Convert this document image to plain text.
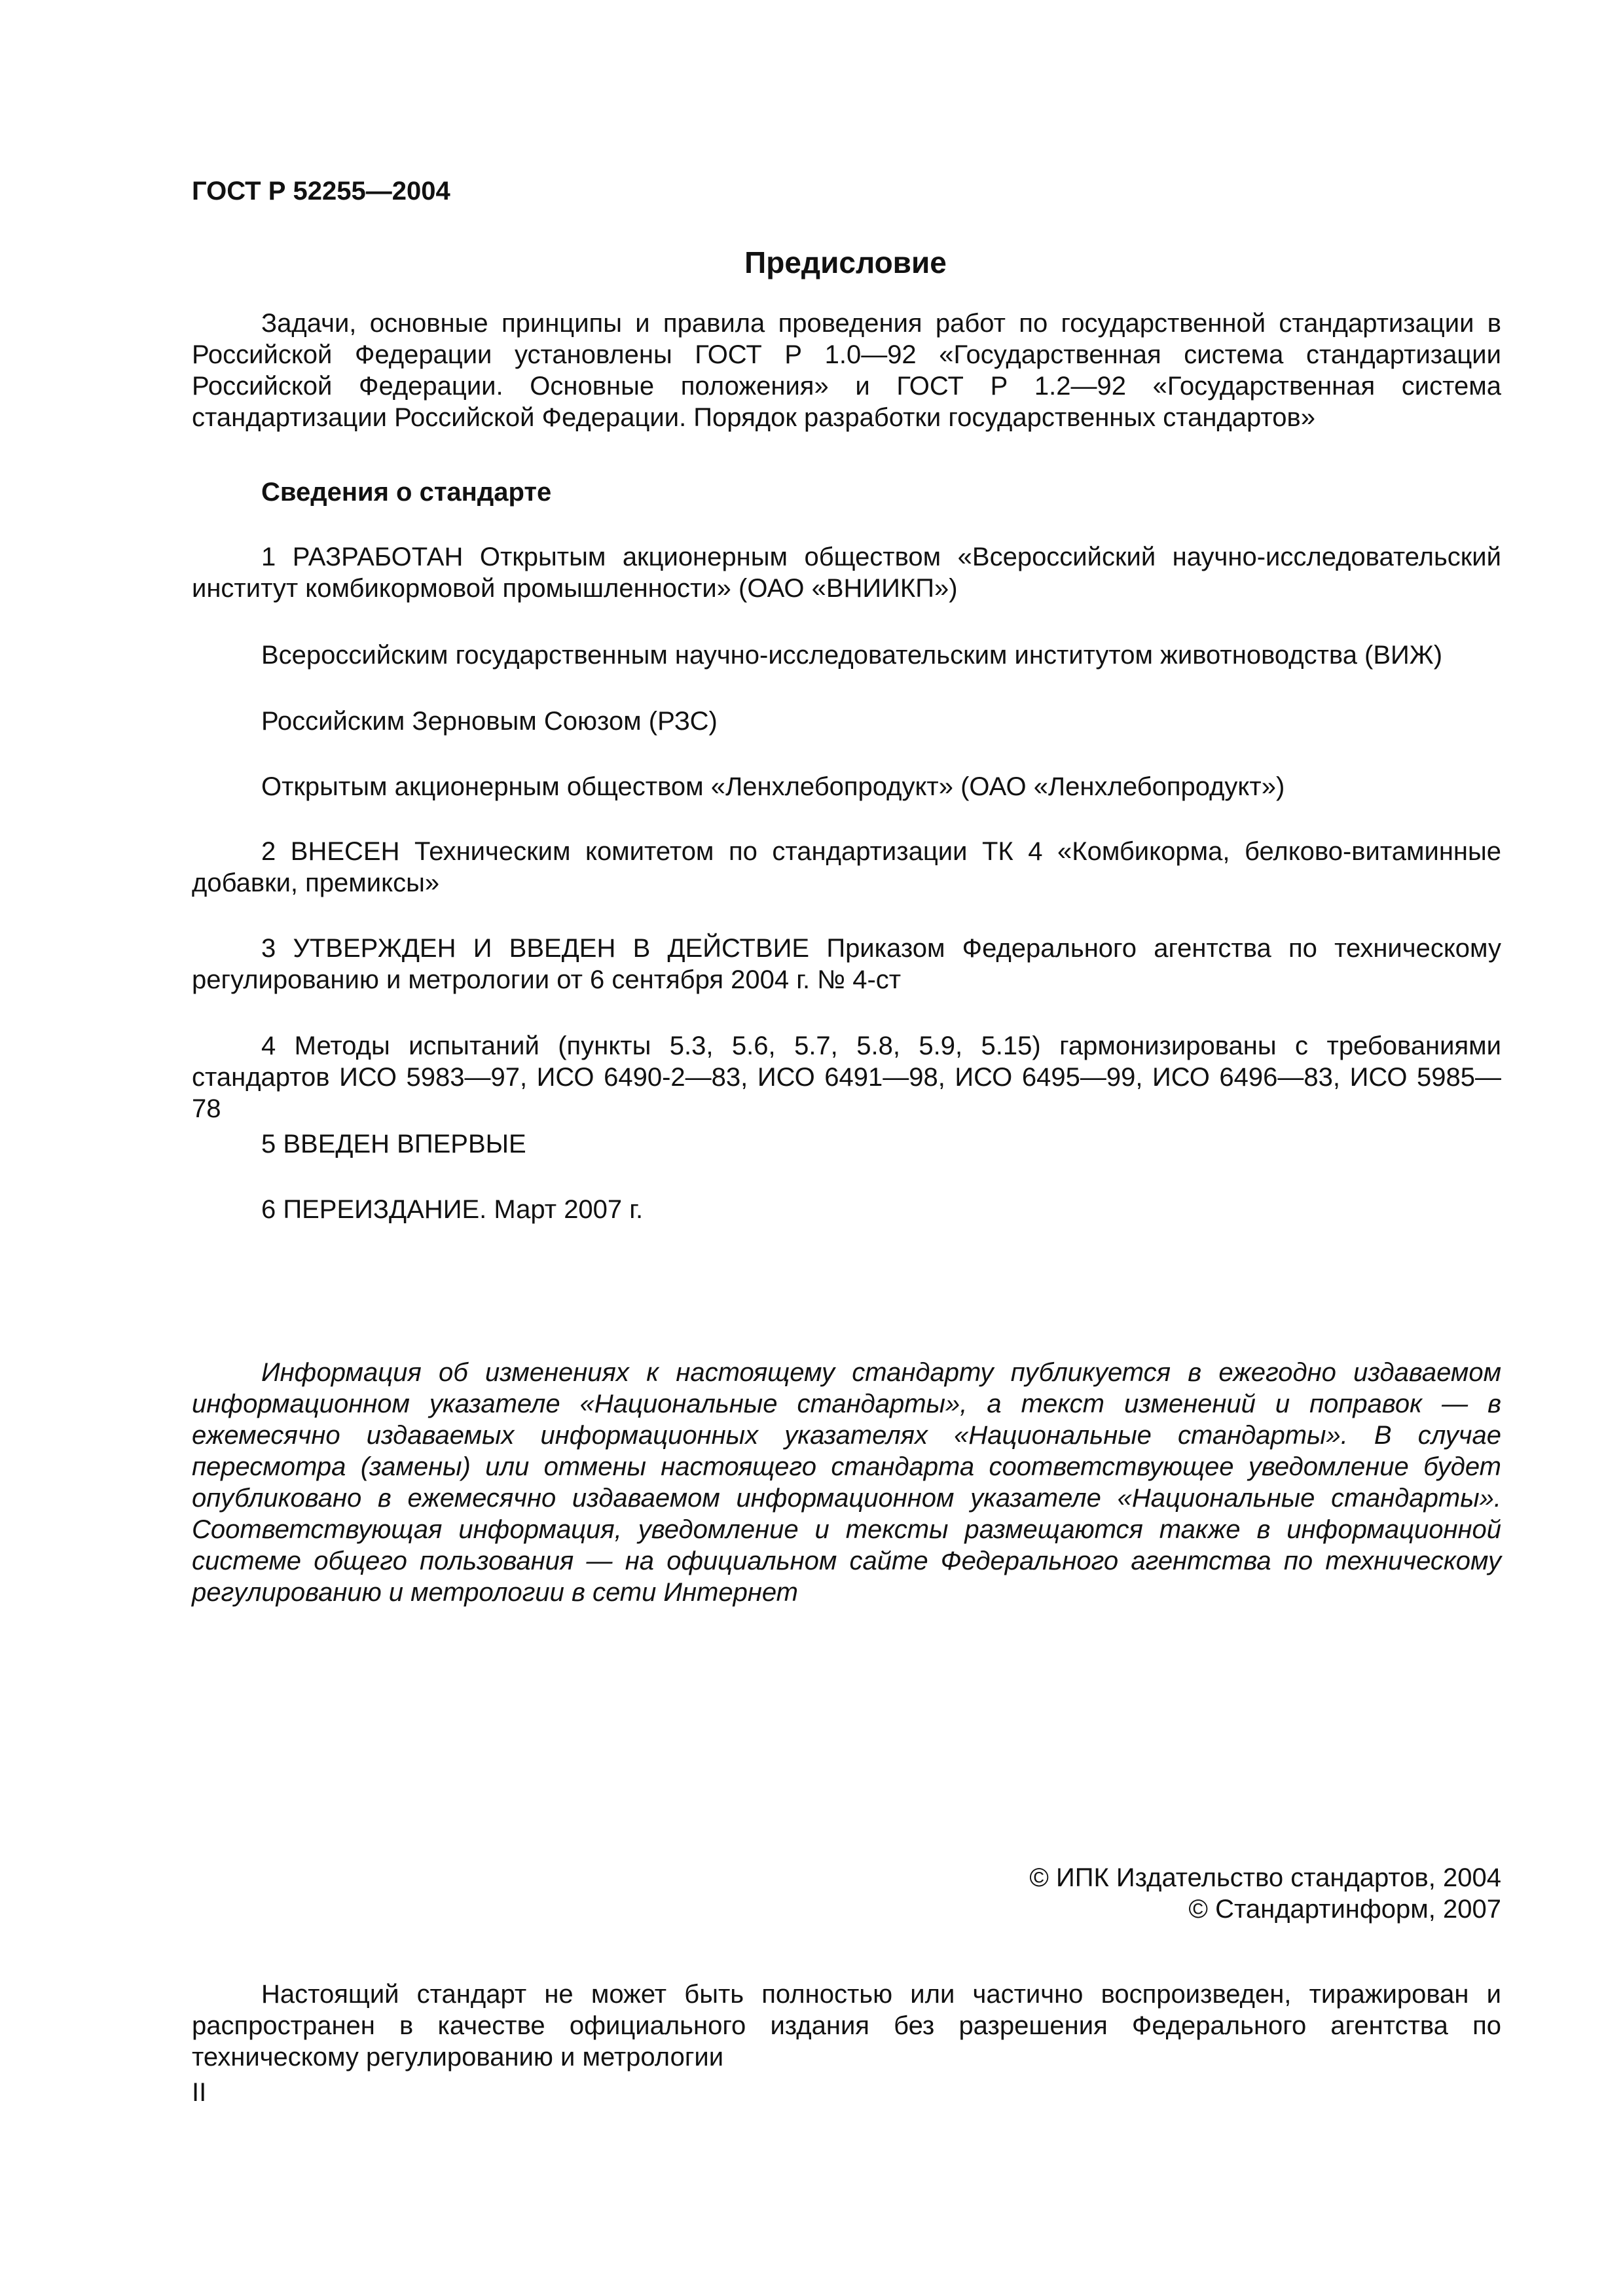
ГОСТ Р 52255—2004
Предисловие
Задачи, основные принципы и правила проведения работ по государственной стандартизации в Российской Федерации установлены ГОСТ Р 1.0—92 «Государственная система стандартизации Российской Федерации. Основные положения» и ГОСТ Р 1.2—92 «Государственная система стандартизации Российской Федерации. Порядок разработки государственных стандартов»
Сведения о стандарте
1 РАЗРАБОТАН Открытым акционерным обществом «Всероссийский научно-исследовательский институт комбикормовой промышленности» (ОАО «ВНИИКП»)
Всероссийским государственным научно-исследовательским институтом животноводства (ВИЖ)
Российским Зерновым Союзом (РЗС)
Открытым акционерным обществом «Ленхлебопродукт» (ОАО «Ленхлебопродукт»)
2 ВНЕСЕН Техническим комитетом по стандартизации ТК 4 «Комбикорма, белково-витаминные добавки, премиксы»
3 УТВЕРЖДЕН И ВВЕДЕН В ДЕЙСТВИЕ Приказом Федерального агентства по техническому регулированию и метрологии от 6 сентября 2004 г. № 4-ст
4 Методы испытаний (пункты 5.3, 5.6, 5.7, 5.8, 5.9, 5.15) гармонизированы с требованиями стандартов ИСО 5983—97, ИСО 6490-2—83, ИСО 6491—98, ИСО 6495—99, ИСО 6496—83, ИСО 5985—78
5 ВВЕДЕН ВПЕРВЫЕ
6 ПЕРЕИЗДАНИЕ. Март 2007 г.
Информация об изменениях к настоящему стандарту публикуется в ежегодно издаваемом информационном указателе «Национальные стандарты», а текст изменений и поправок — в ежемесячно издаваемых информационных указателях «Национальные стандарты». В случае пересмотра (замены) или отмены настоящего стандарта соответствующее уведомление будет опубликовано в ежемесячно издаваемом информационном указателе «Национальные стандарты». Соответствующая информация, уведомление и тексты размещаются также в информационной системе общего пользования — на официальном сайте Федерального агентства по техническому регулированию и метрологии в сети Интернет
© ИПК Издательство стандартов, 2004
© Стандартинформ, 2007
Настоящий стандарт не может быть полностью или частично воспроизведен, тиражирован и распространен в качестве официального издания без разрешения Федерального агентства по техническому регулированию и метрологии
II
